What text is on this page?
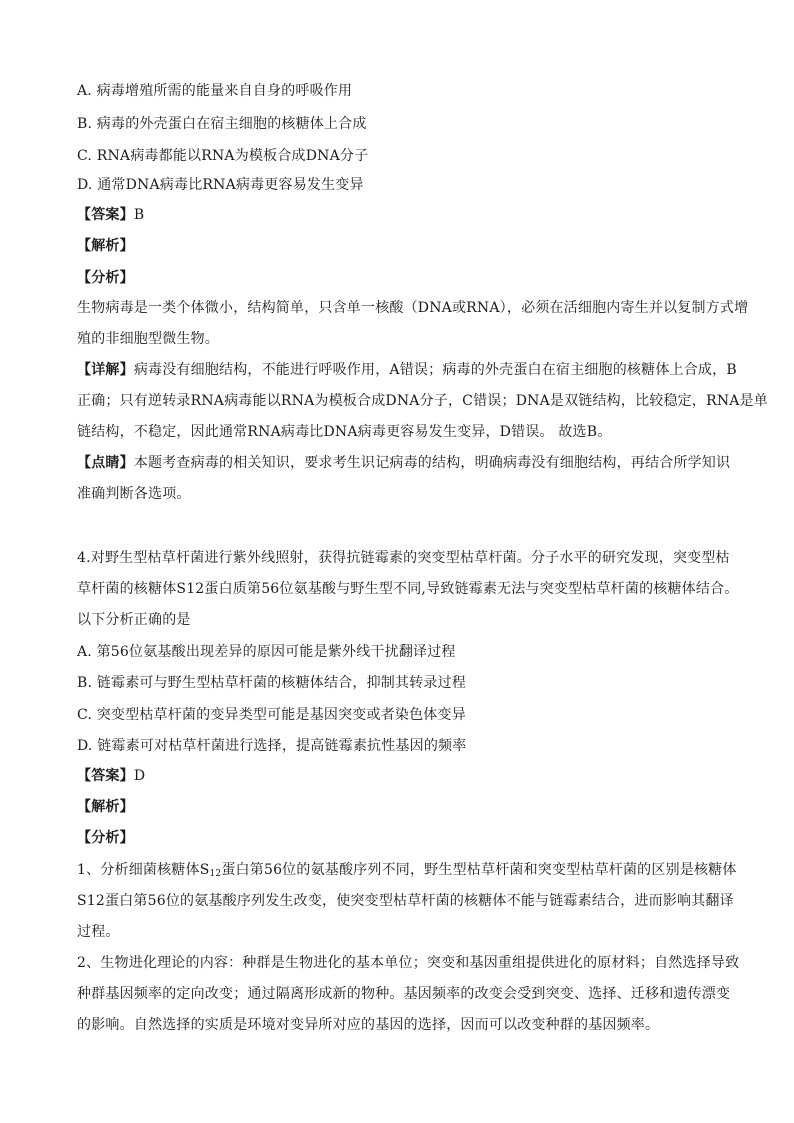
A. 病毒增殖所需的能量来自自身的呼吸作用

B. 病毒的外壳蛋白在宿主细胞的核糖体上合成

C. RNA病毒都能以RNA为模板合成DNA分子

D. 通常DNA病毒比RNA病毒更容易发生变异

【答案】B

【解析】

【分析】

生物病毒是一类个体微小，结构简单，只含单一核酸（DNA或RNA），必须在活细胞内寄生并以复制方式增

殖的非细胞型微生物。

【详解】病毒没有细胞结构，不能进行呼吸作用，A错误；病毒的外壳蛋白在宿主细胞的核糖体上合成，B

正确；只有逆转录RNA病毒能以RNA为模板合成DNA分子，C错误；DNA是双链结构，比较稳定，RNA是单

链结构，不稳定，因此通常RNA病毒比DNA病毒更容易发生变异，D错误。 故选B。

【点睛】本题考查病毒的相关知识，要求考生识记病毒的结构，明确病毒没有细胞结构，再结合所学知识

准确判断各选项。

4.对野生型枯草杆菌进行紫外线照射，获得抗链霉素的突变型枯草杆菌。分子水平的研究发现，突变型枯

草杆菌的核糖体S12蛋白质第56位氨基酸与野生型不同,导致链霉素无法与突变型枯草杆菌的核糖体结合。

以下分析正确的是

A. 第56位氨基酸出现差异的原因可能是紫外线干扰翻译过程

B. 链霉素可与野生型枯草杆菌的核糖体结合，抑制其转录过程

C. 突变型枯草杆菌的变异类型可能是基因突变或者染色体变异

D. 链霉素可对枯草杆菌进行选择，提高链霉素抗性基因的频率

【答案】D

【解析】

【分析】

1、分析细菌核糖体$S_{12}$蛋白第56位的氨基酸序列不同，野生型枯草杆菌和突变型枯草杆菌的区别是核糖体

S12蛋白第56位的氨基酸序列发生改变，使突变型枯草杆菌的核糖体不能与链霉素结合，进而影响其翻译

过程。

2、生物进化理论的内容：种群是生物进化的基本单位；突变和基因重组提供进化的原材料；自然选择导致

种群基因频率的定向改变；通过隔离形成新的物种。基因频率的改变会受到突变、选择、迁移和遗传漂变

的影响。自然选择的实质是环境对变异所对应的基因的选择，因而可以改变种群的基因频率。
